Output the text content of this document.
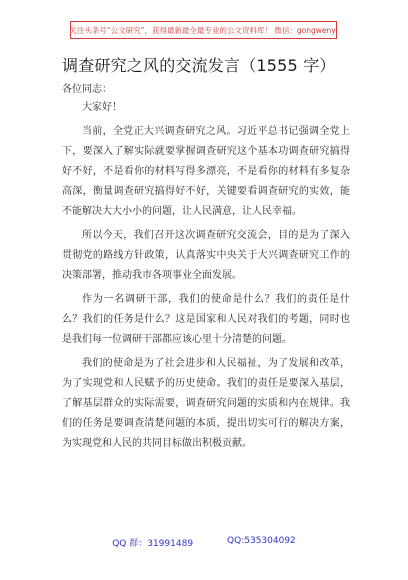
关注头条号“公文研究”，获得最新最全最专业的公文资料库！ 微信：gongwenyj
调查研究之风的交流发言（1555 字）
各位同志：

大家好！

当前，全党正大兴调查研究之风。习近平总书记强调全党上下，要深入了解实际就要掌握调查研究这个基本功调查研究搞得好不好，不是看你的材料写得多漂亮，不是看你的材料有多复杂高深，衡量调查研究搞得好不好，关键要看调查研究的实效，能不能解决大大小小的问题，让人民满意，让人民幸福。

所以今天，我们召开这次调查研究交流会，目的是为了深入贯彻党的路线方针政策，认真落实中央关于大兴调查研究工作的决策部署，推动我市各项事业全面发展。

作为一名调研干部，我们的使命是什么？我们的责任是什么？我们的任务是什么？这是国家和人民对我们的考题，同时也是我们每一位调研干部都应该心里十分清楚的问题。

我们的使命是为了社会进步和人民福祉，为了发展和改革，为了实现党和人民赋予的历史使命。我们的责任是要深入基层，了解基层群众的实际需要，调查研究问题的实质和内在规律。我们的任务是要调查清楚问题的本质，提出切实可行的解决方案，为实现党和人民的共同目标做出积极贡献。

QQ 群：31991489	QQ:535304092
